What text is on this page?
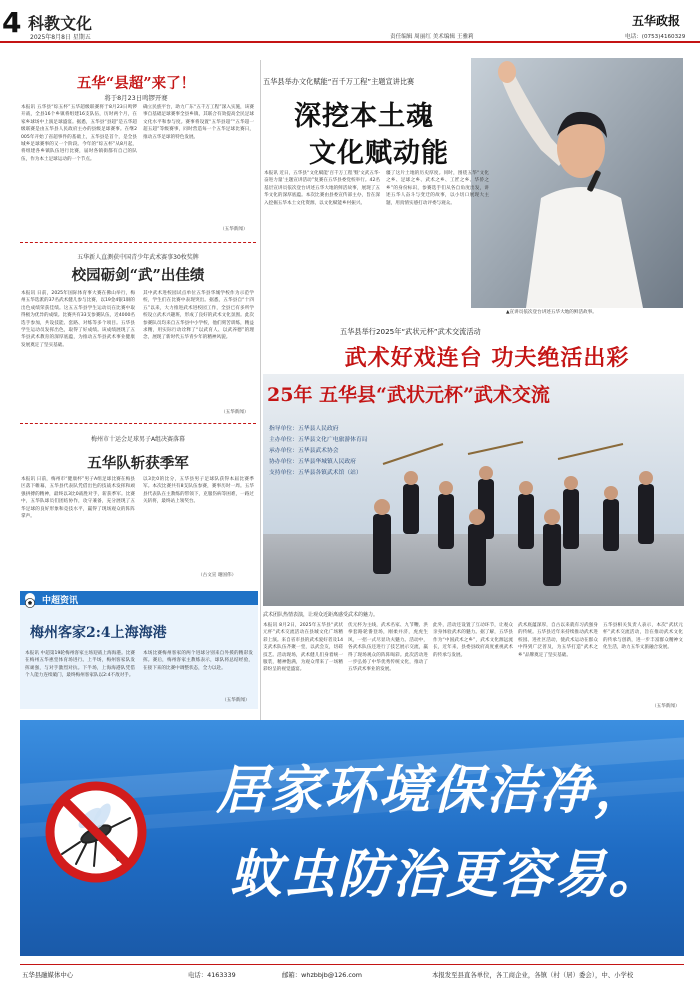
4 科教文化
2025年8月8日 星期五	责任编辑 周丽红 美术编辑 王雅莉
五华政报
电话：(0753)4160329
五华“县超”来了！
将于8月23日鸣锣开赛
本报讯 五华县“综五杯”五华超级联赛将于8月23日鸣锣开战，全县16个乡镇将组建16支队伍，历时两个月，在家乡球场中上演足球盛宴。据悉，五华县“县超”是五华超级联赛是由五华县人民政府主办的县级足球赛事。在继2005年开始了省超事件的基础上，五华县是首个，是全县城乡足球赛事的又一个阶段。今年的“综五杯”从8月起，将组建各乡镇队伍进行比赛，届时各镇街都有自己的队伍，作为本土足球运动的一个节点。
确立民族平台，助力广东“五千万工程”深入实施，该赛事自基础足球赛事全县乡镇，其联合有效提高全民足球文化水平和参与度。赛事将设置“五华县超”“五华超一超五超”等级赛事，同时营造每一个五华足球比赛日，推动五华足球的特色发展。
（五华新闻）
五华新人直测获中国青少年武术赛事30枚奖牌
校园砺剑“武”出佳绩
本报讯 日前，2025年国际体育事大赛在佛山举行，梅州五华选派的37名武术健儿参与比赛，以19金4银1铜的出色成绩荣获佳绩。这五五华县学生运动员在比赛中取得极为优异的成绩。比赛共有33支参赛队伍，近4000名选手参加，共设技能、套路、对练等多个项目。五华县学生运动员发挥出色，取得了好成绩。该成绩展现了五华县武术教育的深厚底蕴，为推动五华县武术事业健康发展奠定了坚实基础。
其中武术进校园试点单位五华县华城学校作为示范学校，学生们在比赛中表现突出。据悉，五华县自“十四五”以来，大力推进武术进校园工作，全县已有多所学校设立武术兴趣班，形成了良好的武术文化氛围。此次参赛队员均来自五华县中小学校，他们刻苦训练，精益求精，用实际行动诠释了“以武育人、以武养德”的理念，展现了新时代五华青少年的精神风貌。
（五华新闻）
梅州市十运会足球男子A组决赛落幕
五华队斩获季军
本报讯 日前，梅州市“健康杯”男子A组足球比赛在梅县区落下帷幕，五华县代表队凭借出色的技战术发挥和顽强拼搏的精神，最终以3比0战胜对手，斩获季军。比赛中，五华队球员们团结协作，攻守兼备，充分展现了五华足球的良好形象和竞技水平，赢得了现场观众的阵阵掌声。
以3比0的比分，五华县男子足球队获得本届比赛季军。本次比赛共有8支队伍参赛，赛事历时一周。五华县代表队在主教练的带领下，克服伤病等困难，一路过关斩将，最终站上领奖台。
（古文宣 谢国伟）
中超资讯
梅州客家2:4上海海港
本报讯 中超第19轮梅州客家主场迎战上海海港。比赛在梅州五华惠堂体育场进行。上半场，梅州客家队发挥顽强，与对手激烈对抗。下半场，上海海港队凭借个人能力连续破门，最终梅州客家队以2:4不敌对手。
本场比赛梅州客家的两个进球分别来自外援的精彩发挥。赛后，梅州客家主教练表示，球队将总结经验，在接下来的比赛中调整状态，全力以赴。
（五华新闻）
五华县举办文化赋能“百千万工程”主题宣讲比赛
深挖本土魂
文化赋动能
本报讯 近日，五华县“文化赋能‘百千万工程’暨‘文武五华·奋进力量’主题宣讲活动”复赛在五华县委党校举行。42名基层宣讲员依次登台讲述五华大地的鲜活故事，展现了五华文化的深厚底蕴。本次比赛由县委宣传部主办，旨在深入挖掘五华本土文化资源，以文化赋能乡村振兴。
疆了这片土地的历史厚度。同时，围绕五华“文化之乡、足球之乡、武术之乡、工匠之乡、华侨之乡”的身份标识，参赛选手们从各自角度出发，讲述五华人奋斗与变迁的故事，以小切口展现大主题，用真情实感打动评委与观众。
▲宣讲员依次登台讲述五华大地的鲜活故事。
五华县举行2025年“武状元杯”武术交流活动
武术好戏连台 功夫绝活出彩
25年 五华县“武状元杯”武术交流
指导单位：五华县人民政府
主办单位：五华县文化广电旅游体育局
承办单位：五华县武术协会
协办单位：五华县华城镇人民政府
支持单位：五华县各镇武术馆（站）
武术团队热情表演，让观众近距离感受武术的魅力。
本报讯 8月2日，2025年五华县“武状元杯”武术交流活动在县城文化广场精彩上演。来自省市县的武术爱好者及14支武术队伍齐聚一堂，以武会友，切磋技艺。活动现场，武术健儿们身着统一服装，精神饱满，为观众带来了一场精彩纷呈的视觉盛宴。
伏元杯为主线，武术名家、九节鞭、洪拳套路轮番登场，刚柔并济，虎虎生风，一招一式尽显功夫魅力。活动中，各武术队伍还进行了技艺展示交流，赢得了现场观众的阵阵喝彩。此次活动进一步弘扬了中华优秀传统文化，推动了五华武术事业的发展。
此外，活动还设置了互动环节，让观众亲身体验武术的魅力。据了解，五华县作为“中国武术之乡”，武术文化源远流长，近年来，县委县政府高度重视武术的传承与发展。
武术底蕴深厚，自古以来就有习武强身的传统。五华县近年来持续推动武术进校园、进社区活动，使武术运动在群众中得到广泛普及，为五华打造“武术之乡”品牌奠定了坚实基础。
五华县相关负责人表示，本次“武状元杯”武术交流活动，旨在推动武术文化的传承与创新，进一步丰富群众精神文化生活，助力五华文旅融合发展。
（五华新闻）
居家环境保洁净，
蚊虫防治更容易。
五华县融媒体中心	电话：4163339	邮箱：whzbbjb@126.com	本报发至县直各单位，各工商企业，各镇（村（居）委会），中、小学校
